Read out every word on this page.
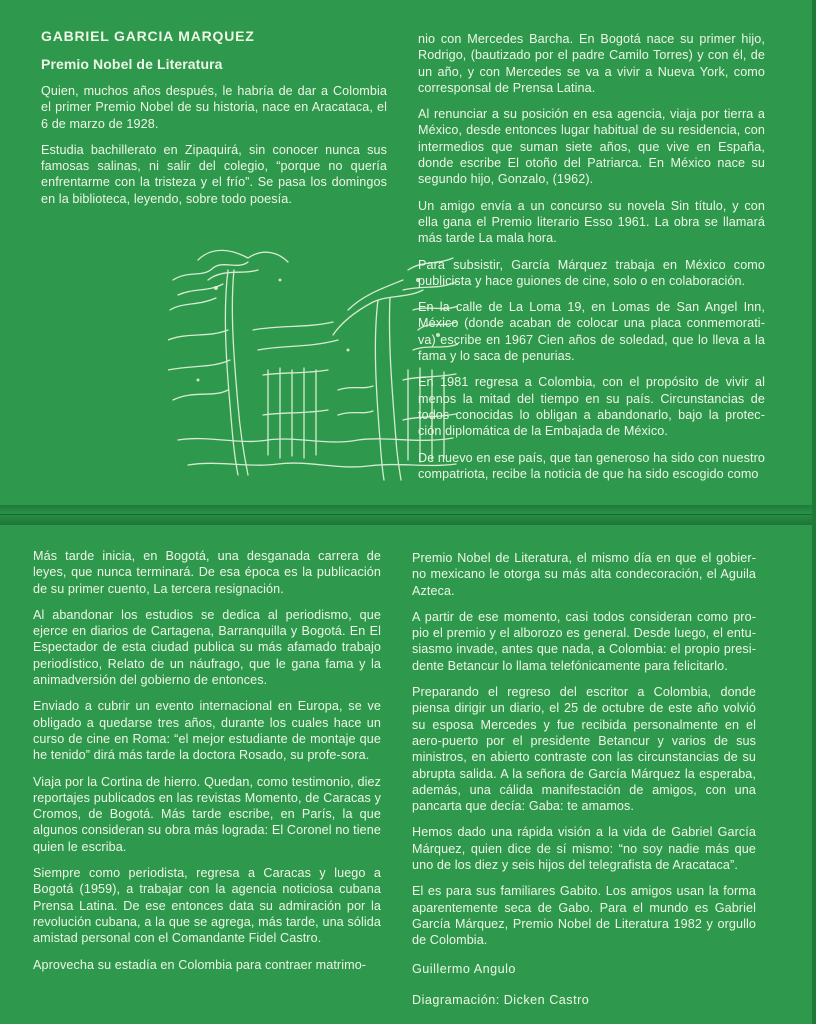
GABRIEL GARCIA MARQUEZ

Premio Nobel de Literatura

Quien, muchos años después, le habría de dar a Colombia el primer Premio Nobel de su historia, nace en Aracataca, el 6 de marzo de 1928.

Estudia bachillerato en Zipaquirá, sin conocer nunca sus famosas salinas, ni salir del colegio, “porque no quería enfrentarme con la tristeza y el frío”. Se pasa los domingos en la biblioteca, leyendo, sobre todo poesía.

nio con Mercedes Barcha. En Bogotá nace su primer hijo, Rodrigo, (bautizado por el padre Camilo Torres) y con él, de un año, y con Mercedes se va a vivir a Nueva York, como corresponsal de Prensa Latina.

Al renunciar a su posición en esa agencia, viaja por tierra a México, desde entonces lugar habitual de su residencia, con intermedios que suman siete años, que vive en España, donde escribe El otoño del Patriarca. En México nace su segundo hijo, Gonzalo, (1962).

Un amigo envía a un concurso su novela Sin título, y con ella gana el Premio literario Esso 1961. La obra se llamará más tarde La mala hora.

Para subsistir, García Márquez trabaja en México como publicista y hace guiones de cine, solo o en colaboración.

En la calle de La Loma 19, en Lomas de San Angel Inn, México (donde acaban de colocar una placa conmemorati-va) escribe en 1967 Cien años de soledad, que lo lleva a la fama y lo saca de penurias.

En 1981 regresa a Colombia, con el propósito de vivir al menos la mitad del tiempo en su país. Circunstancias de todos conocidas lo obligan a abandonarlo, bajo la protec-ción diplomática de la Embajada de México.

De nuevo en ese país, que tan generoso ha sido con nuestro compatriota, recibe la noticia de que ha sido escogido como

Más tarde inicia, en Bogotá, una desganada carrera de leyes, que nunca terminará. De esa época es la publicación de su primer cuento, La tercera resignación.

Al abandonar los estudios se dedica al periodismo, que ejerce en diarios de Cartagena, Barranquilla y Bogotá. En El Espectador de esta ciudad publica su más afamado trabajo periodístico, Relato de un náufrago, que le gana fama y la animadversión del gobierno de entonces.

Enviado a cubrir un evento internacional en Europa, se ve obligado a quedarse tres años, durante los cuales hace un curso de cine en Roma: “el mejor estudiante de montaje que he tenido” dirá más tarde la doctora Rosado, su profe-sora.

Viaja por la Cortina de hierro. Quedan, como testimonio, diez reportajes publicados en las revistas Momento, de Caracas y Cromos, de Bogotá. Más tarde escribe, en París, la que algunos consideran su obra más lograda: El Coronel no tiene quien le escriba.

Siempre como periodista, regresa a Caracas y luego a Bogotá (1959), a trabajar con la agencia noticiosa cubana Prensa Latina. De ese entonces data su admiración por la revolución cubana, a la que se agrega, más tarde, una sólida amistad personal con el Comandante Fidel Castro.

Aprovecha su estadía en Colombia para contraer matrimo-

Premio Nobel de Literatura, el mismo día en que el gobier-no mexicano le otorga su más alta condecoración, el Aguila Azteca.

A partir de ese momento, casi todos consideran como pro-pio el premio y el alborozo es general. Desde luego, el entu-siasmo invade, antes que nada, a Colombia: el propio presi-dente Betancur lo llama telefónicamente para felicitarlo.

Preparando el regreso del escritor a Colombia, donde piensa dirigir un diario, el 25 de octubre de este año volvió su esposa Mercedes y fue recibida personalmente en el aero-puerto por el presidente Betancur y varios de sus ministros, en abierto contraste con las circunstancias de su abrupta salida. A la señora de García Márquez la esperaba, además, una cálida manifestación de amigos, con una pancarta que decía: Gaba: te amamos.

Hemos dado una rápida visión a la vida de Gabriel García Márquez, quien dice de sí mismo: “no soy nadie más que uno de los diez y seis hijos del telegrafista de Aracataca”.

El es para sus familiares Gabito. Los amigos usan la forma aparentemente seca de Gabo. Para el mundo es Gabriel García Márquez, Premio Nobel de Literatura 1982 y orgullo de Colombia.

Guillermo Angulo

Diagramación: Dicken Castro
